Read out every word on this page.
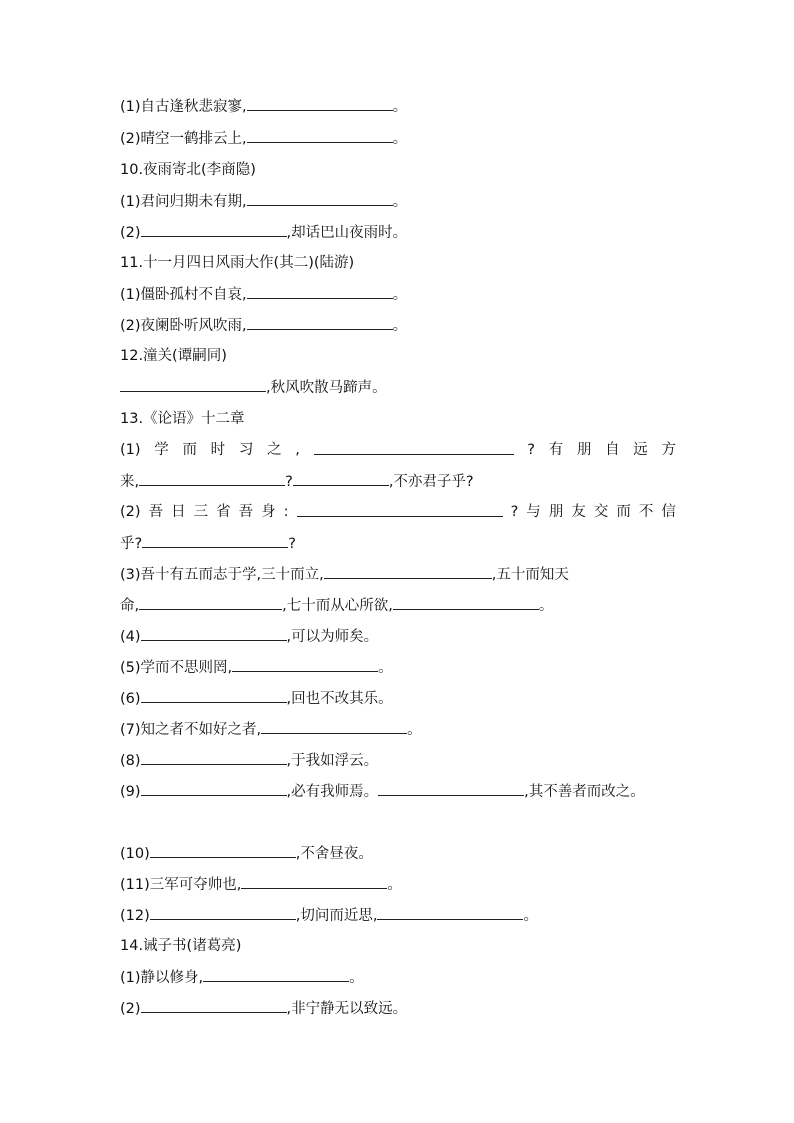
(1)自古逢秋悲寂寥,	。
(2)晴空一鹤排云上,	。
10.夜雨寄北(李商隐)
(1)君问归期未有期,	。
(2)	,却话巴山夜雨时。
11.十一月四日风雨大作(其二)(陆游)
(1)僵卧孤村不自哀,	。
(2)夜阑卧听风吹雨,	。
12.潼关(谭嗣同)
,秋风吹散马蹄声。
13.《论语》十二章
(1) 学 而 时 习 之 ,	? 有 朋 自 远 方
来,	?	,不亦君子乎?
(2) 吾 日 三 省 吾 身 :	? 与 朋 友 交 而 不 信
乎?	?
(3)吾十有五而志于学,三十而立,	,五十而知天
命,	,七十而从心所欲,	。
(4)	,可以为师矣。
(5)学而不思则罔,	。
(6)	,回也不改其乐。
(7)知之者不如好之者,	。
(8)	,于我如浮云。
(9)	,必有我师焉。	,其不善者而改之。
(10)	,不舍昼夜。
(11)三军可夺帅也,	。
(12)	,切问而近思,	。
14.诫子书(诸葛亮)
(1)静以修身,	。
(2)	,非宁静无以致远。
